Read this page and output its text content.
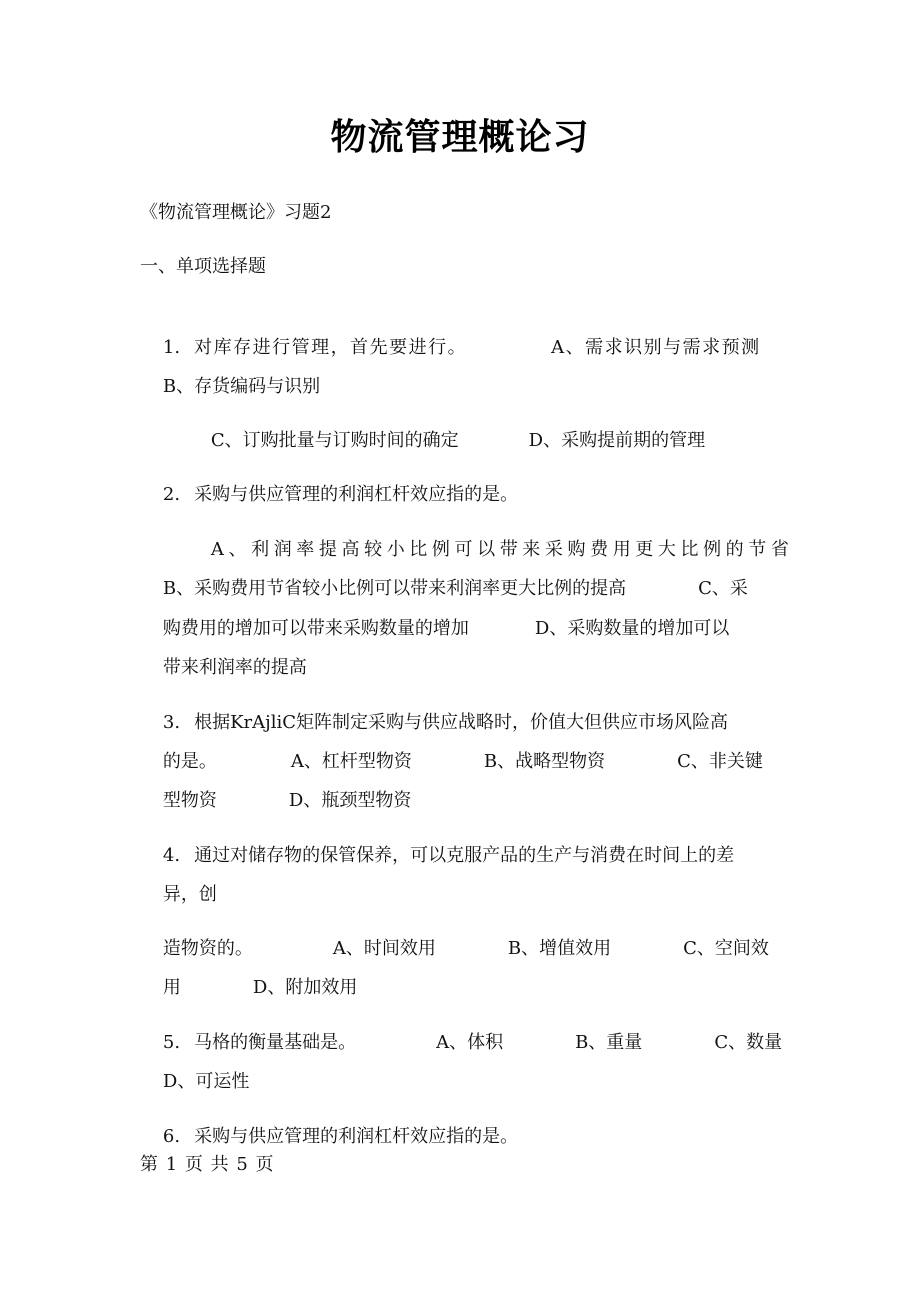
物流管理概论习
《物流管理概论》习题2
一、单项选择题

1. 对库存进行管理，首先要进行。	A、需求识别与需求预测

B、存货编码与识别

C、订购批量与订购时间的确定	D、采购提前期的管理

2. 采购与供应管理的利润杠杆效应指的是。

A、利润率提高较小比例可以带来采购费用更大比例的节省

B、采购费用节省较小比例可以带来利润率更大比例的提高	C、采

购费用的增加可以带来采购数量的增加	D、采购数量的增加可以

带来利润率的提高

3. 根据KrAjliC矩阵制定采购与供应战略时，价值大但供应市场风险高

的是。	A、杠杆型物资	B、战略型物资	C、非关键

型物资	D、瓶颈型物资

4. 通过对储存物的保管保养，可以克服产品的生产与消费在时间上的差

异，创

造物资的。	A、时间效用	B、增值效用	C、空间效

用	D、附加效用

5. 马格的衡量基础是。	A、体积	B、重量	C、数量

D、可运性

6. 采购与供应管理的利润杠杆效应指的是。

第 1 页 共 5 页
